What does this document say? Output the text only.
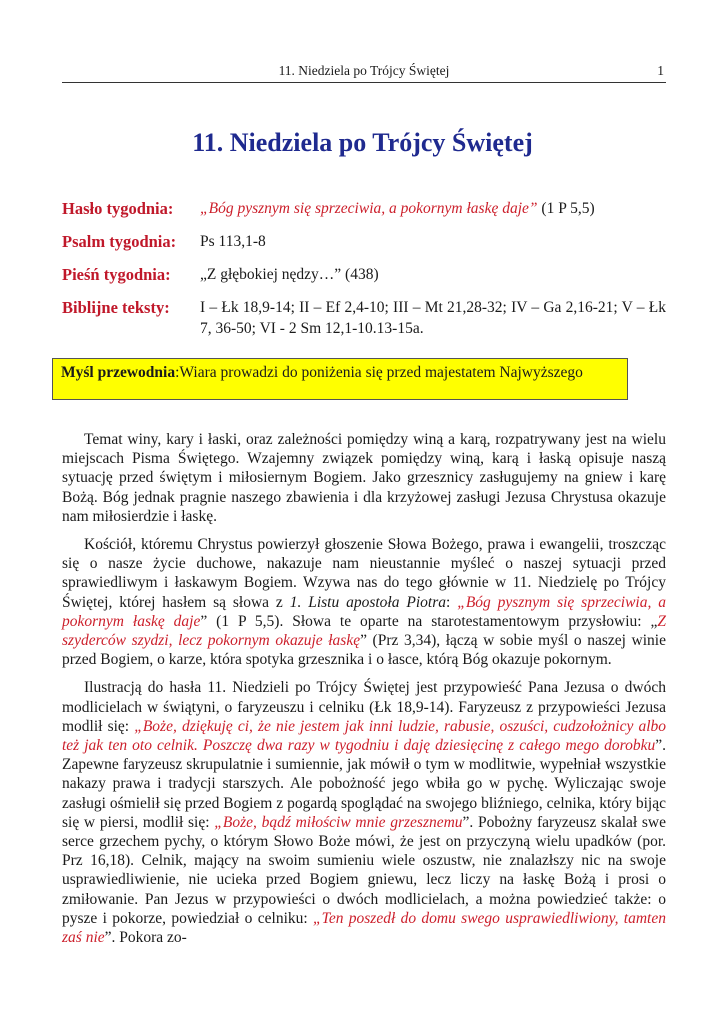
11. Niedziela po Trójcy Świętej	1
11. Niedziela po Trójcy Świętej
Hasło tygodnia: „Bóg pysznym się sprzeciwia, a pokornym łaskę daje” (1 P 5,5)
Psalm tygodnia: Ps 113,1-8
Pieśń tygodnia: „Z głębokiej nędzy…” (438)
Biblijne teksty: I – Łk 18,9-14; II – Ef 2,4-10; III – Mt 21,28-32; IV – Ga 2,16-21; V – Łk 7, 36-50; VI - 2 Sm 12,1-10.13-15a.
Myśl przewodnia: Wiara prowadzi do poniżenia się przed majestatem Najwyższego

Temat winy, kary i łaski, oraz zależności pomiędzy winą a karą, rozpatrywany jest na wielu miejscach Pisma Świętego. Wzajemny związek pomiędzy winą, karą i łaską opisuje naszą sytuację przed świętym i miłosiernym Bogiem. Jako grzesznicy zasługujemy na gniew i karę Bożą. Bóg jednak pragnie naszego zbawienia i dla krzyżowej zasługi Jezusa Chrystusa okazuje nam miłosierdzie i łaskę.

Kościół, któremu Chrystus powierzył głoszenie Słowa Bożego, prawa i ewangelii, troszcząc się o nasze życie duchowe, nakazuje nam nieustannie myśleć o naszej sytuacji przed sprawiedliwym i łaskawym Bogiem. Wzywa nas do tego głównie w 11. Niedzielę po Trójcy Świętej, której hasłem są słowa z 1. Listu apostoła Piotra: „Bóg pysznym się sprzeciwia, a pokornym łaskę daje” (1 P 5,5). Słowa te oparte na starotestamentowym przysłowiu: „Z szyderców szydzi, lecz pokornym okazuje łaskę” (Prz 3,34), łączą w sobie myśl o naszej winie przed Bogiem, o karze, która spotyka grzesznika i o łasce, którą Bóg okazuje pokornym.

Ilustracją do hasła 11. Niedzieli po Trójcy Świętej jest przypowieść Pana Jezusa o dwóch modlicielach w świątyni, o faryzeuszu i celniku (Łk 18,9-14). Faryzeusz z przypowieści Jezusa modlił się: „Boże, dziękuję ci, że nie jestem jak inni ludzie, rabusie, oszuści, cudzołożnicy albo też jak ten oto celnik. Poszczę dwa razy w tygodniu i daję dziesięcinę z całego mego dorobku”. Zapewne faryzeusz skrupulatnie i sumiennie, jak mówił o tym w modlitwie, wypełniał wszystkie nakazy prawa i tradycji starszych. Ale pobożność jego wbiła go w pychę. Wyliczając swoje zasługi ośmielił się przed Bogiem z pogardą spoglądać na swojego bliźniego, celnika, który bijąc się w piersi, modlił się: „Boże, bądź miłościw mnie grzesznemu”. Pobożny faryzeusz skalał swe serce grzechem pychy, o którym Słowo Boże mówi, że jest on przyczyną wielu upadków (por. Prz 16,18). Celnik, mający na swoim sumieniu wiele oszustw, nie znalazłszy nic na swoje usprawiedliwienie, nie ucieka przed Bogiem gniewu, lecz liczy na łaskę Bożą i prosi o zmiłowanie. Pan Jezus w przypowieści o dwóch modlicielach, a można powiedzieć także: o pysze i pokorze, powiedział o celniku: „Ten poszedł do domu swego usprawiedliwiony, tamten zaś nie”. Pokora zo-
